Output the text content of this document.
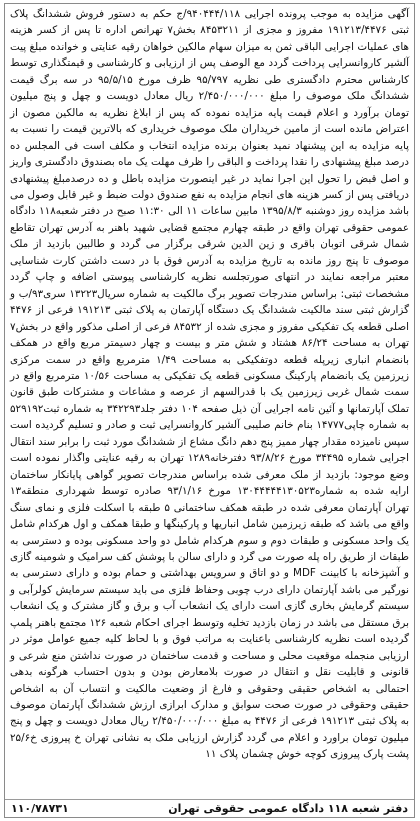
آگهی مزایده به موجب پرونده اجرایی ۹۴۰۴۴۴/۱۱۸/ج حکم به دستور فروش ششدانگ پلاک ثبتی ۱۹۱۲۱۳/۴۴۷۶ مفروز و مجزی از ۸۴۵۳۲۱۱ بخش۷ تهرانص اداره تا پس از کسر هزینه های عملیات اجرایی الباقی ثمن به میزان سهام مالکین خواهان رقیه عنایتی و خوانده مبلغ پیت آلشیر کاروانسرایی پرداخت گردد مع الوصف پس از ارزیابی و کارشناسی و قیمتگذاری توسط کارشناس محترم دادگستری طی نظریه ۹۵/۷۹۷ ظرف مورخ ۹۵/۵/۱۵ در سه برگ قیمت ششدانگ ملک موصوف را مبلغ ۲/۴۵۰/۰۰۰/۰۰۰ ریال معادل دویست و چهل و پنج میلیون تومان برآورد و اعلام قیمت پایه مزایده نموده که پس از ابلاغ نظریه به مالکین مصون از اعتراض مانده است از مامین خریداران ملک موصوف خریداری که بالاترین قیمت را نسبت به پایه مزایده به این پیشنهاد نمید بعنوان برنده مزایده انتخاب و مکلف است فی المجلس ده درصد مبلغ پیشنهادی را نقدا پرداخت و الباقی را ظرف مهلت یک ماه بصندوق دادگستری واریز و اصل قبض را تحول این اجرا نماید در غیر اینصورت مزایده باطل و ده درصدمبلغ پیشنهادی دریافتی پس از کسر هزینه های انجام مزایده به نفع صندوق دولت ضبط و غیر قابل وصول می باشد مزایده روز دوشنبه ۱۳۹۵/۸/۳ مابین ساعات ۱۱ الی ۱۱:۳۰ صبح در دفتر شعبه۱۱۸ دادگاه عمومی حقوقی تهران واقع در طبقه چهارم مجتمع قضایی شهید باهنر به آدرس تهران تقاطع شمال شرقی اتوبان باقری و زین الدین شرقی برگزار می گردد و طالبین بازدید از ملک موصوف تا پنج روز مانده به تاریخ مزایده به آدرس فوق با در دست داشتن کارت شناسایی معتبر مراجعه نمایند در انتهای صورتجلسه نظریه کارشناسی پیوستی اضافه و چاپ گردد مشخصات ثبتی: براساس مندرجات تصویر برگ مالکیت به شماره سریال۱۳۲۲۳ سری۹۳/ب و گزارش ثبتی سند مالکیت ششدانگ یک دستگاه آپارتمان به پلاک ثبتی ۱۹۱۲۱۳ فرعی از ۴۴۷۶ اصلی قطعه یک تفکیکی مفروز و مجزی شده از ۸۴۵۳۲ فرعی از اصلی مذکور واقع در بخش۷ تهران به مساحت ۸۶/۲۴ هشتاد و شش متر و بیست و چهار دسیمتر مربع واقع در همکف بانضمام انباری زیرپله قطعه دوتفکیکی به مساحت ۱/۴۹ مترمربع واقع در سمت مرکزی زیرزمین یک بانضمام پارکینگ مسکونی قطعه یک تفکیکی به مساحت ۱۰/۵۶ مترمربع واقع در سمت شمال غربی زیرزمین یک با قدرالسهم از عرصه و مشاعات و مشترکات طبق قانون تملک آپارتمانها و آئین نامه اجرایی آن ذیل صفحه ۱۰۴ دفتر جلد۳۴۲۲۹۳ به شماره ثبت۵۲۹۱۹۲ به شماره چاپی۱۴۷۷۷ بنام خانم صلیبی آلشیر کاروانسرایی ثبت و صادر و تسلیم گردیده است سپس ناميزده مقدار چهار ممیز پنج دهم دانگ مشاع از ششدانگ مورد ثبت را برابر سند انتقال اجرایی شماره ۳۴۴۹۵ مورخ ۹۳/۸/۲۶ دفترخانه۱۲۸۹ تهران به رقیه عنایتی واگذار نموده است وضع موجود: بازدید از ملک معرفی شده براساس مندرجات تصویر گواهی پایانکار ساختمان ارایه شده به شماره۱۳۰۴۴۴۴۴۱۳۰۵۲۳ مورخ ۹۳/۱/۱۶ صادره توسط شهرداری منطقه۱۳ تهران آپارتمان معرفی شده در طبقه همکف ساختمانی ۵ طبقه با اسکلت فلزی و نمای سنگ واقع می باشد که طبقه زیرزمین شامل انباریها و پارکینگها و طبقا همکف و اول هرکدام شامل یک واحد مسکونی و طبقات دوم و سوم هرکدام شامل دو واحد مسکونی بوده و دسترسی به طبقات از طریق راه پله صورت می گرد و دارای سالن با پوشش کف سرامیک و شومینه گازی و آشپزخانه با کابینت MDF و دو اتاق و سرویس بهداشتی و حمام بوده و دارای دسترسی به نورگیر می باشد آپارتمان دارای درب چوبی وحفاظ فلزی می باید سیستم سرمایش کولرآبی و سیستم گرمایش بخاری گازی است دارای یک انشعاب آب و برق و گاز مشترک و یک انشعاب برق مستقل می باشد در زمان بازدید تخلیه وتوسط اجرای احکام شعبه ۱۲۶ مجتمع باهنر پلمپ گردیده است نظریه کارشناسی باعنایت به مراتب فوق و با لحاظ کلیه جمیع عوامل موثر در ارزیابی منجمله موقعیت محلی و مساحت و قدمت ساختمان در صورت نداشتن منع شرعی و قانونی و قابلیت نقل و انتقال در صورت بلامعارض بودن و بدون احتساب هرگونه بدهی احتمالی به اشخاص حقیقی وحقوقی و فارغ از وضعیت مالکیت و انتساب آن به اشخاص حقیقی وحقوقی در صورت صحت سوابق و مدارک ابرازی ارزش ششدانگ آپارتمان موصوف به پلاک ثبتی ۱۹۱۲۱۳ فرعی از ۴۴۷۶ به مبلغ ۲/۴۵۰/۰۰۰/۰۰۰ ریال معادل دویست و چهل و پنج میلیون تومان براورد و اعلام می گردد گزارش ارزیابی ملک به نشانی تهران خ پیروزی خ۲۵/۶ پشت پارک پیروزی کوچه خوش چشمان پلاک ۱۱
دفتر شعبه ۱۱۸ دادگاه عمومی حقوقی تهران
۱۱۰/۷۸۷۳۱
